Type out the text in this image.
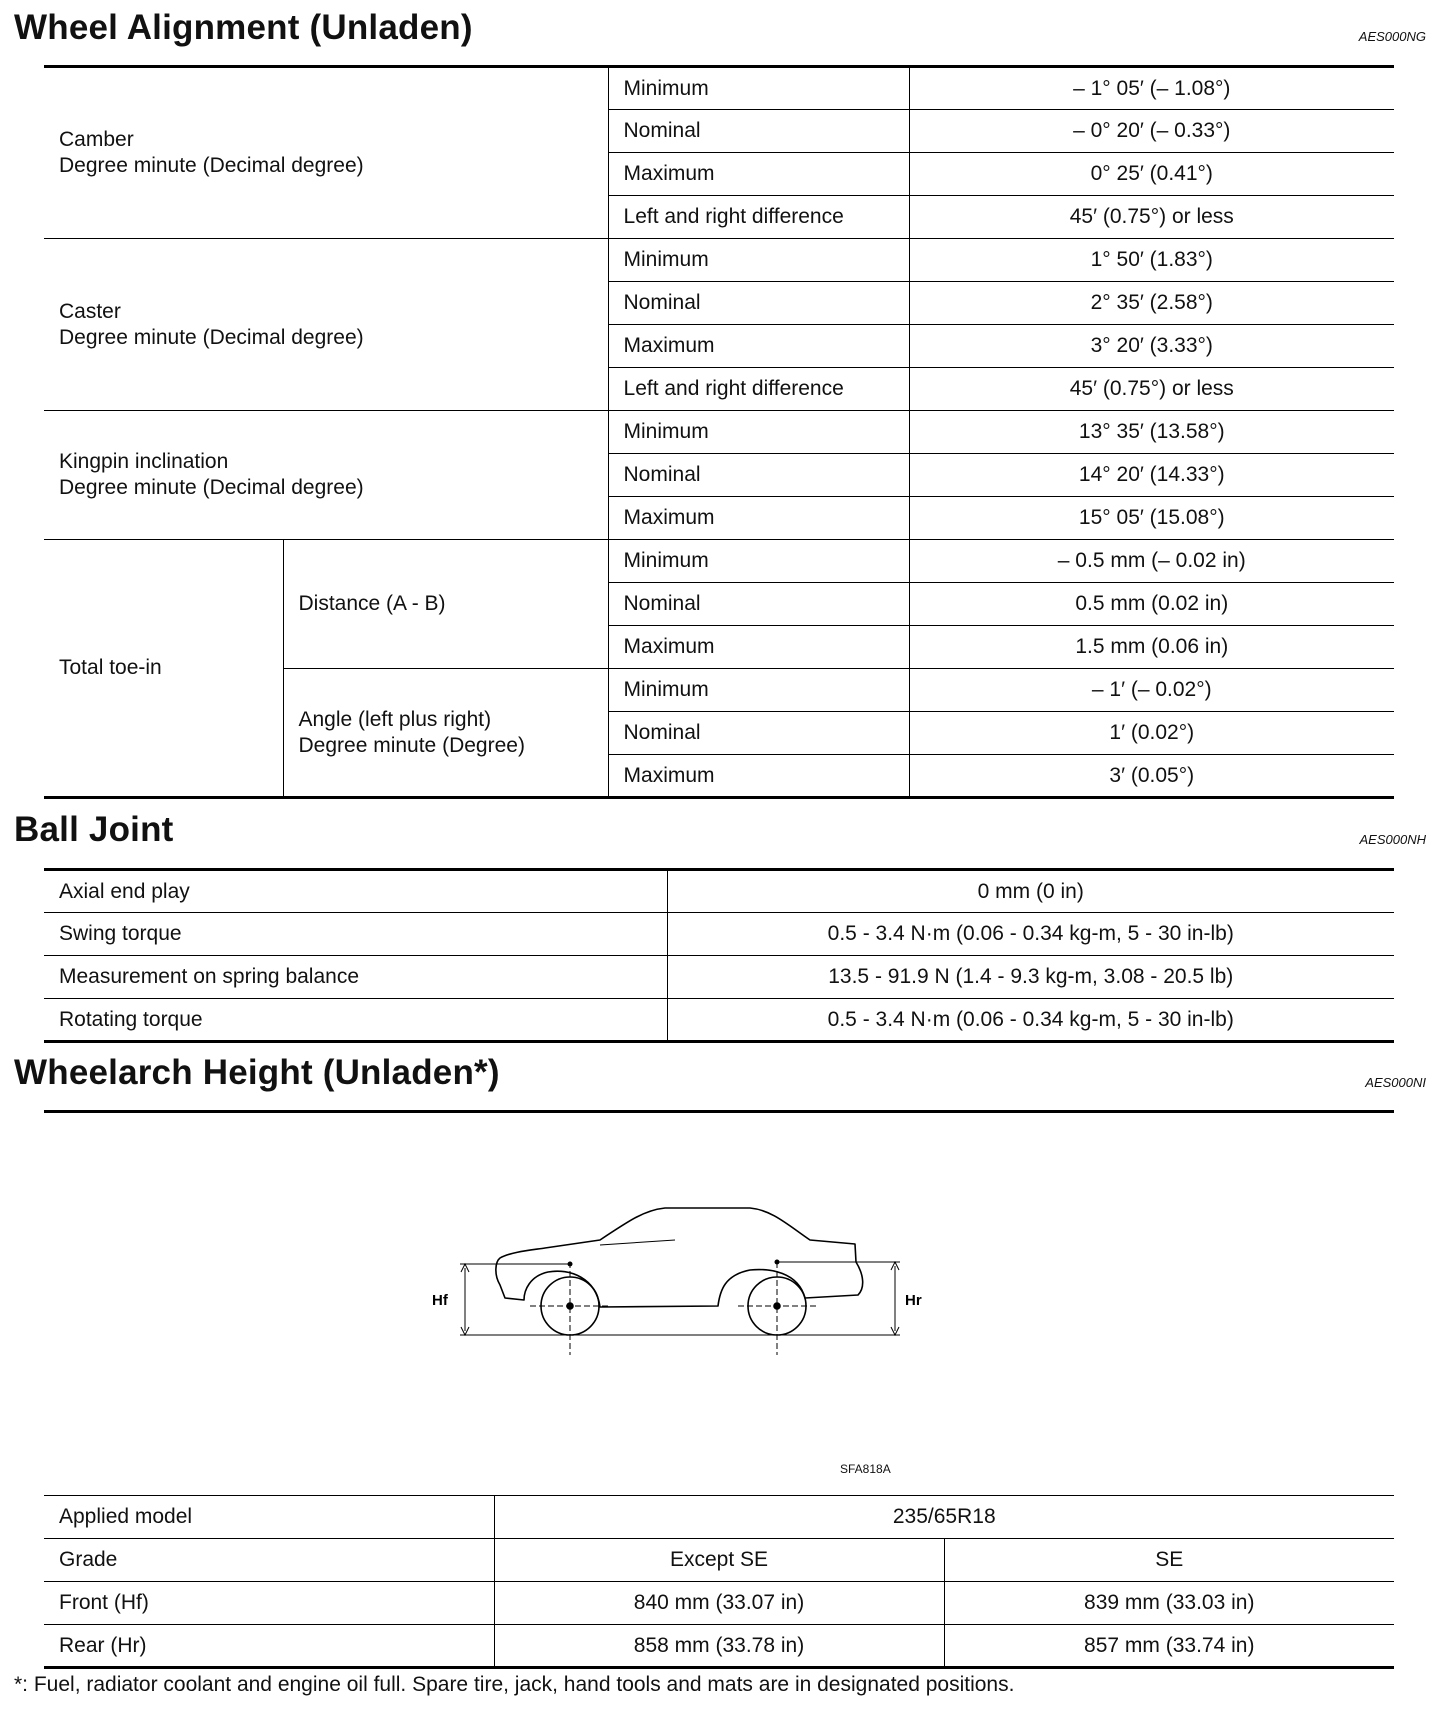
Wheel Alignment (Unladen)	AES000NG
Camber
Degree minute (Decimal degree)		Minimum	– 1° 05′ (– 1.08°)
		Nominal	– 0° 20′ (– 0.33°)
		Maximum	0° 25′ (0.41°)
		Left and right difference	45′ (0.75°) or less

Caster
Degree minute (Decimal degree)		Minimum	1° 50′ (1.83°)
		Nominal	2° 35′ (2.58°)
		Maximum	3° 20′ (3.33°)
		Left and right difference	45′ (0.75°) or less

Kingpin inclination
Degree minute (Decimal degree)		Minimum	13° 35′ (13.58°)
		Nominal	14° 20′ (14.33°)
		Maximum	15° 05′ (15.08°)
Total toe-in	Distance (A - B)	Minimum	– 0.5 mm (– 0.02 in)
		Nominal	0.5 mm (0.02 in)
		Maximum	1.5 mm (0.06 in)

	Angle (left plus right)
Degree minute (Degree)	Minimum	– 1′ (– 0.02°)
		Nominal	1′ (0.02°)
		Maximum	3′ (0.05°)
Ball Joint	AES000NH
Axial end play	0 mm (0 in)
Swing torque	0.5 - 3.4 N·m (0.06 - 0.34 kg-m, 5 - 30 in-lb)
Measurement on spring balance	13.5 - 91.9 N (1.4 - 9.3 kg-m, 3.08 - 20.5 lb)
Rotating torque	0.5 - 3.4 N·m (0.06 - 0.34 kg-m, 5 - 30 in-lb)
Wheelarch Height (Unladen*)	AES000NI
Hf	Hr
SFA818A
Applied model	235/65R18	
Grade	Except SE	SE
Front (Hf)	840 mm (33.07 in)	839 mm (33.03 in)
Rear (Hr)	858 mm (33.78 in)	857 mm (33.74 in)
*: Fuel, radiator coolant and engine oil full. Spare tire, jack, hand tools and mats are in designated positions.
